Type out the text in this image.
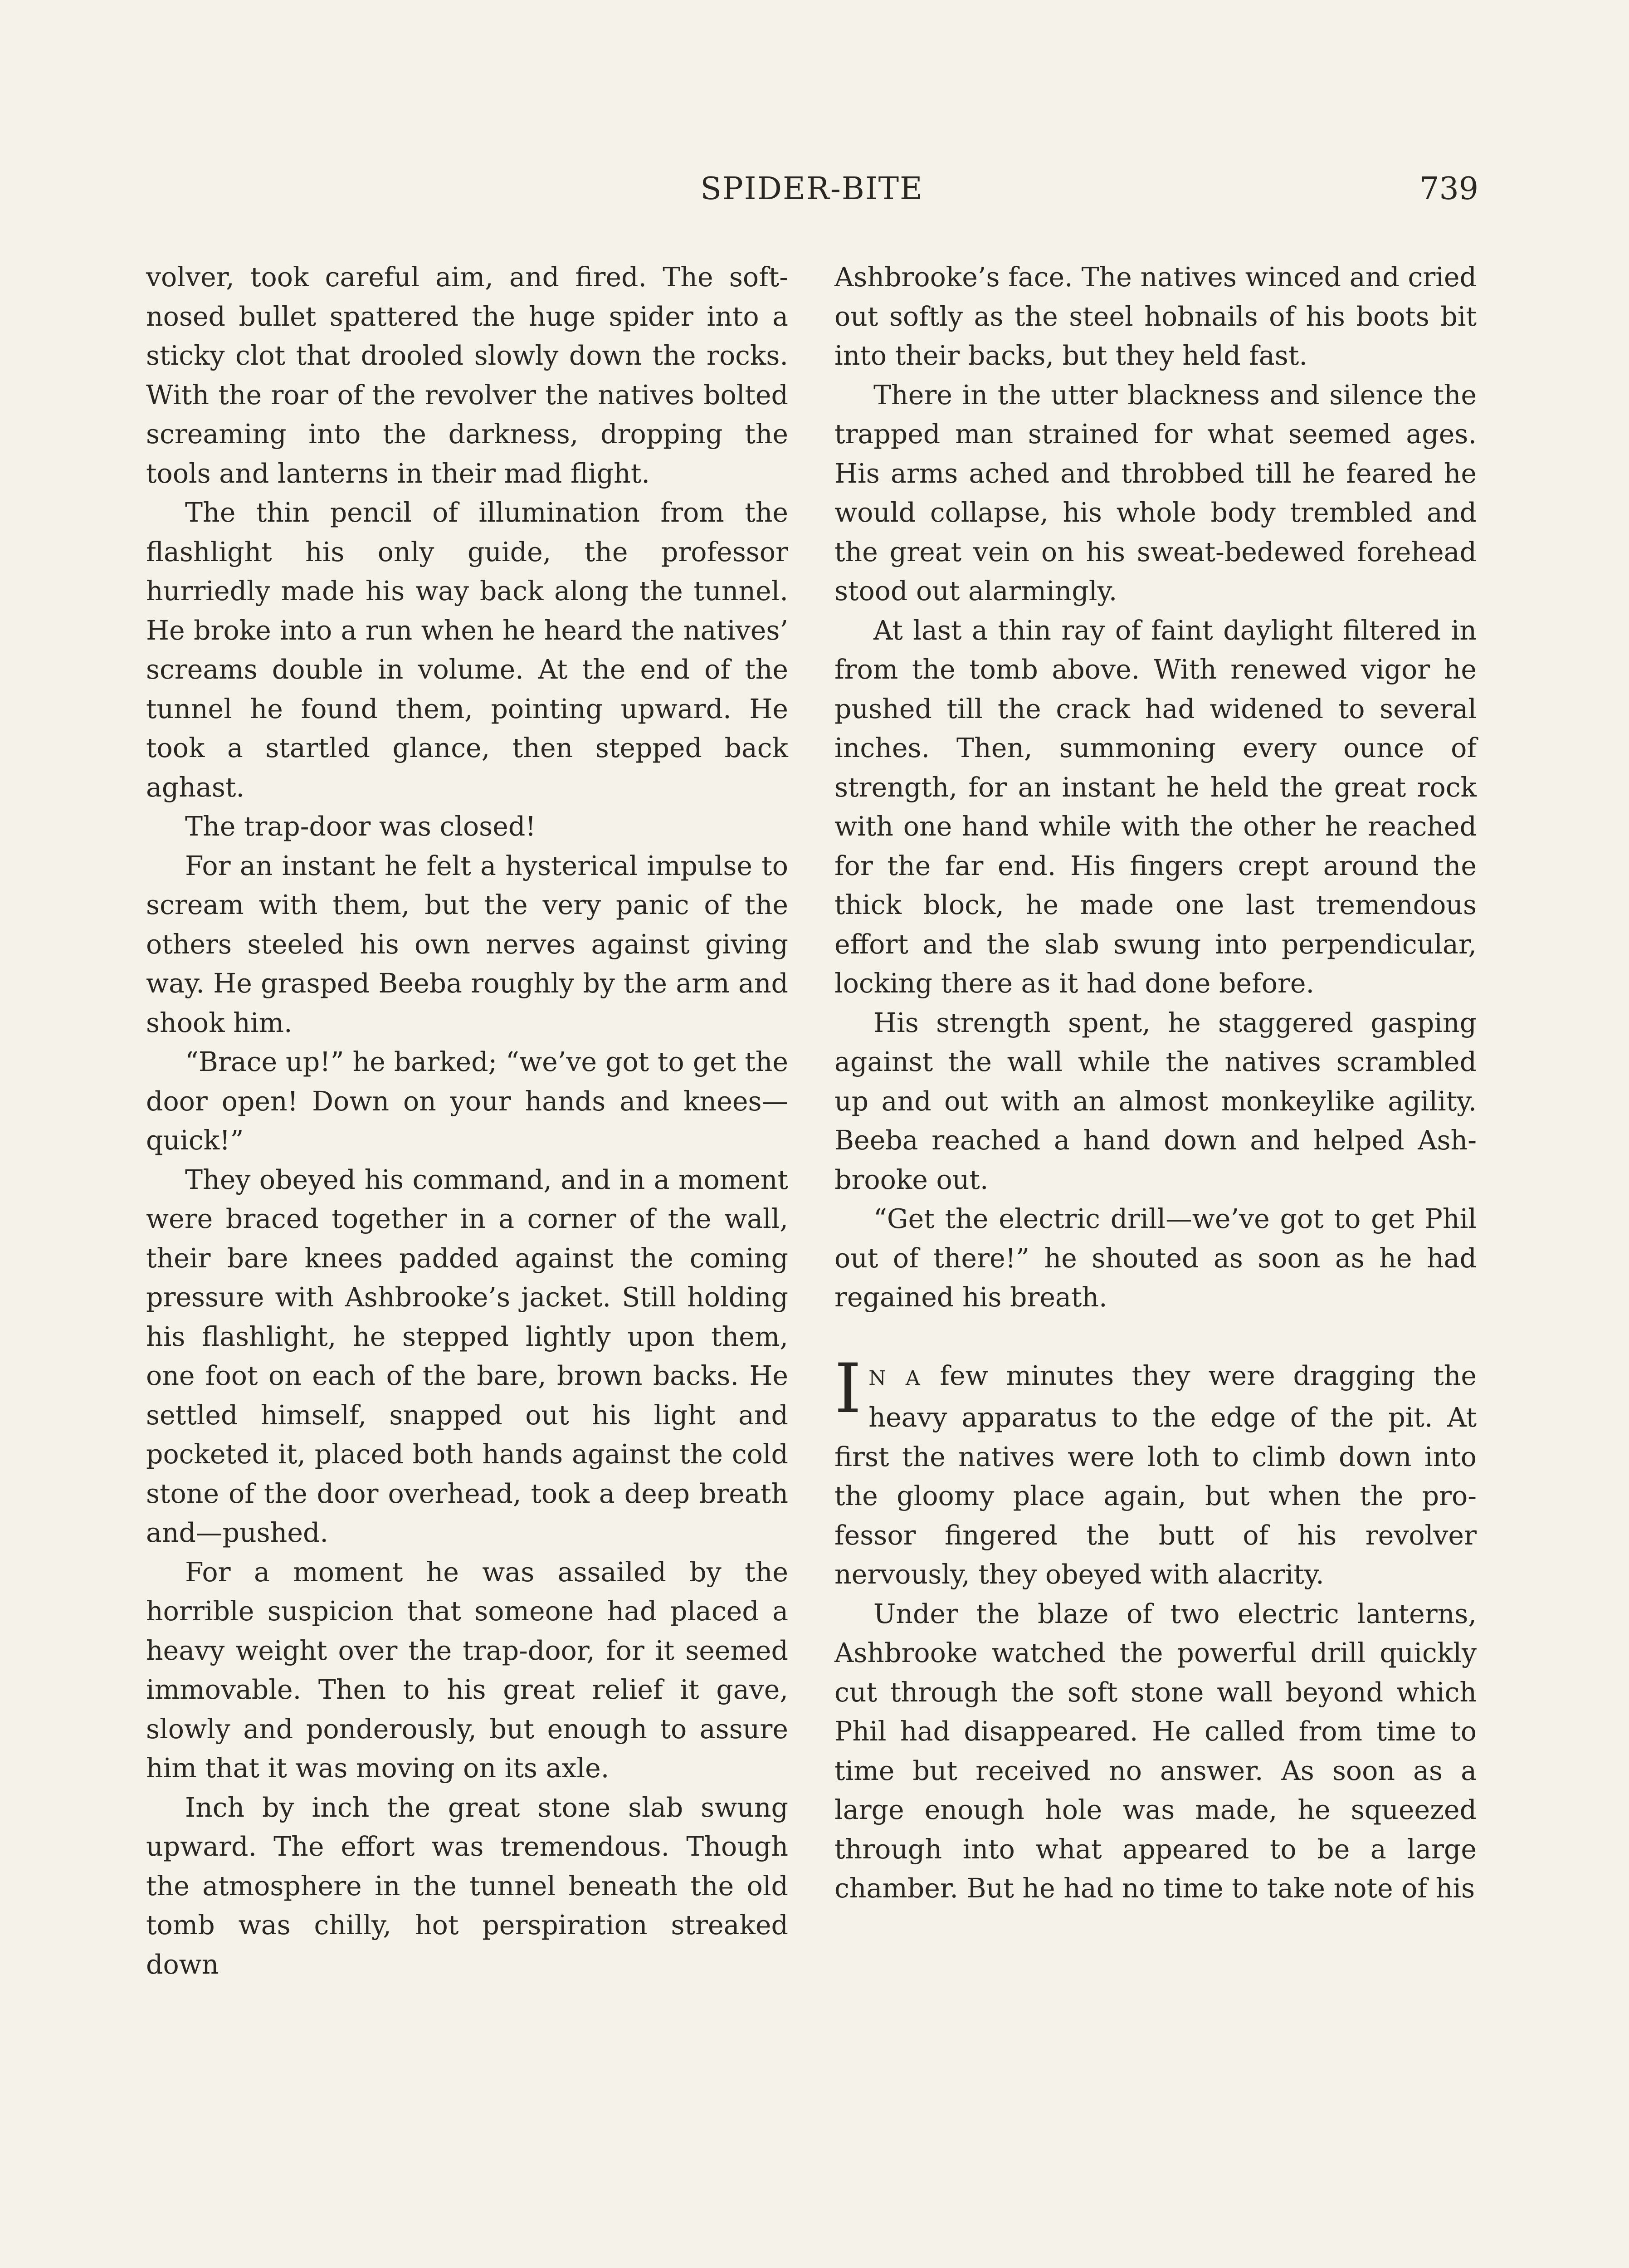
SPIDER-BITE	739

volver, took careful aim, and fired. The soft-nosed bullet spattered the huge spider into a sticky clot that drooled slowly down the rocks. With the roar of the revolver the natives bolted screaming into the darkness, dropping the tools and lanterns in their mad flight.

The thin pencil of illumination from the flashlight his only guide, the professor hurriedly made his way back along the tunnel. He broke into a run when he heard the natives’ screams double in volume. At the end of the tunnel he found them, pointing upward. He took a startled glance, then stepped back aghast.

The trap-door was closed!

For an instant he felt a hysterical impulse to scream with them, but the very panic of the others steeled his own nerves against giving way. He grasped Beeba roughly by the arm and shook him.

“Brace up!” he barked; “we’ve got to get the door open! Down on your hands and knees—quick!”

They obeyed his command, and in a moment were braced together in a corner of the wall, their bare knees padded against the coming pressure with Ashbrooke’s jacket. Still holding his flashlight, he stepped lightly upon them, one foot on each of the bare, brown backs. He settled himself, snapped out his light and pocketed it, placed both hands against the cold stone of the door overhead, took a deep breath and—pushed.

For a moment he was assailed by the horrible suspicion that someone had placed a heavy weight over the trap-door, for it seemed immovable. Then to his great relief it gave, slowly and ponderously, but enough to assure him that it was moving on its axle.

Inch by inch the great stone slab swung upward. The effort was tremendous. Though the atmosphere in the tunnel beneath the old tomb was chilly, hot perspiration streaked down

Ashbrooke’s face. The natives winced and cried out softly as the steel hobnails of his boots bit into their backs, but they held fast.

There in the utter blackness and silence the trapped man strained for what seemed ages. His arms ached and throbbed till he feared he would collapse, his whole body trembled and the great vein on his sweat-bedewed forehead stood out alarmingly.

At last a thin ray of faint daylight filtered in from the tomb above. With renewed vigor he pushed till the crack had widened to several inches. Then, summoning every ounce of strength, for an instant he held the great rock with one hand while with the other he reached for the far end. His fingers crept around the thick block, he made one last tremendous effort and the slab swung into perpendicular, locking there as it had done before.

His strength spent, he staggered gasping against the wall while the natives scrambled up and out with an almost monkeylike agility. Beeba reached a hand down and helped Ashbrooke out.

“Get the electric drill—we’ve got to get Phil out of there!” he shouted as soon as he had regained his breath.

I N A few minutes they were dragging the heavy apparatus to the edge of the pit. At first the natives were loth to climb down into the gloomy place again, but when the professor fingered the butt of his revolver nervously, they obeyed with alacrity.

Under the blaze of two electric lanterns, Ashbrooke watched the powerful drill quickly cut through the soft stone wall beyond which Phil had disappeared. He called from time to time but received no answer. As soon as a large enough hole was made, he squeezed through into what appeared to be a large chamber. But he had no time to take note of his
